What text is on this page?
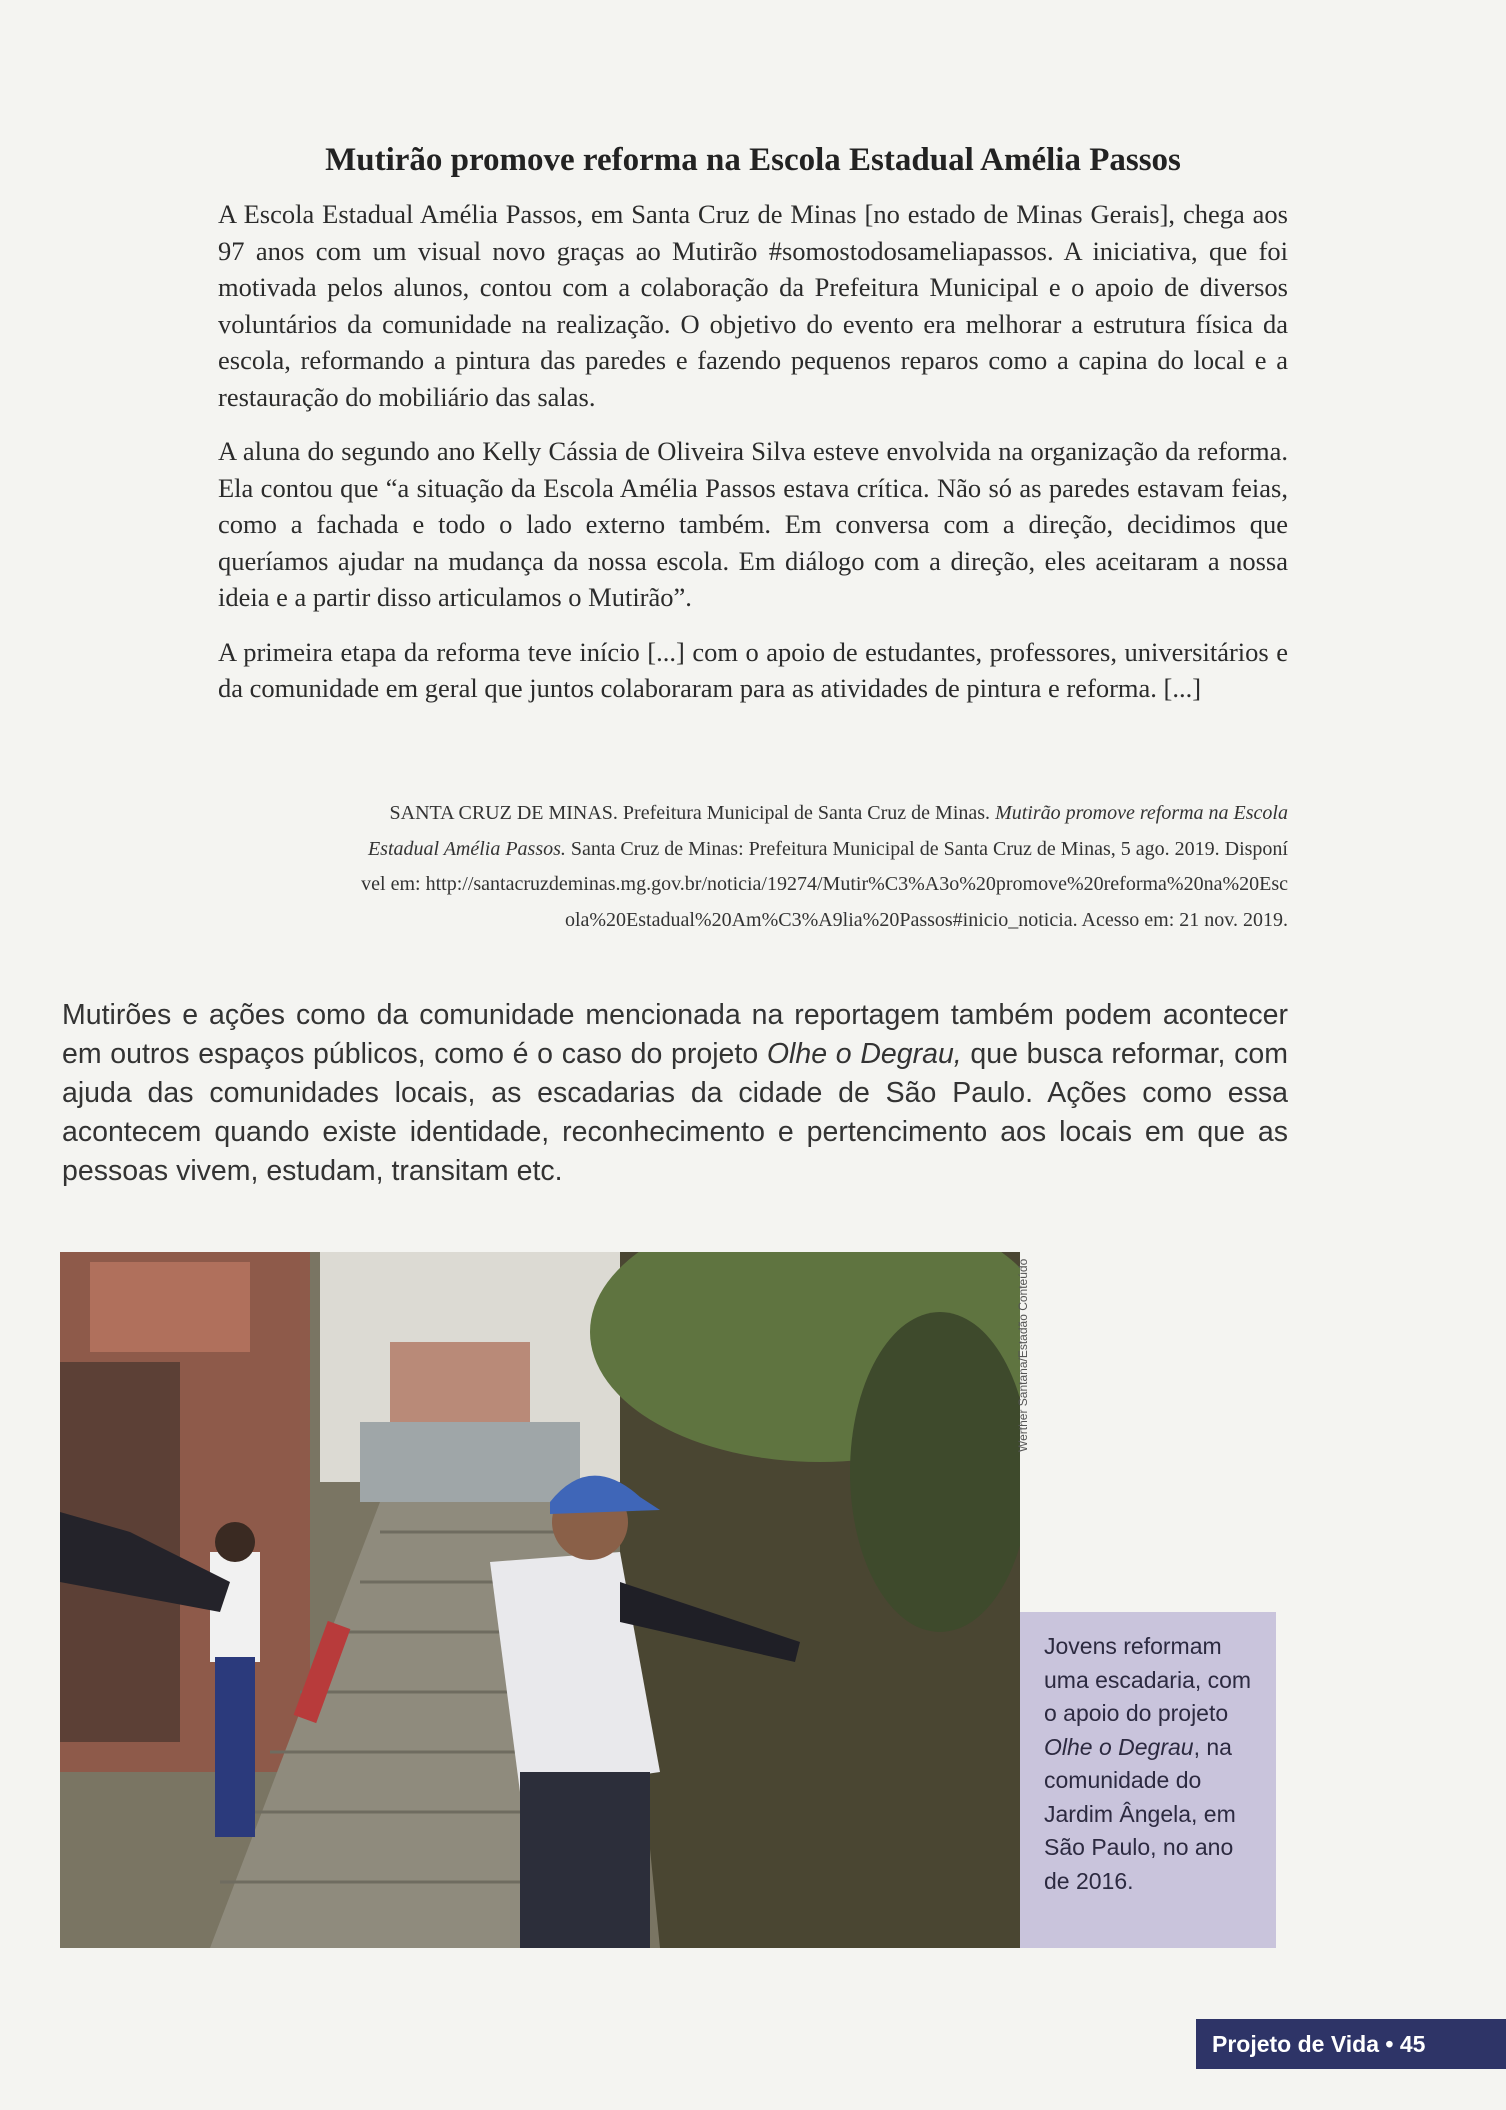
Mutirão promove reforma na Escola Estadual Amélia Passos

A Escola Estadual Amélia Passos, em Santa Cruz de Minas [no estado de Minas Gerais], chega aos 97 anos com um visual novo graças ao Mutirão #somostodosameliapassos. A iniciativa, que foi motivada pelos alunos, contou com a colaboração da Prefeitura Municipal e o apoio de diversos voluntários da comunidade na realização. O objetivo do evento era melhorar a estrutura física da escola, reformando a pintura das paredes e fazendo pequenos reparos como a capina do local e a restauração do mobiliário das salas.

A aluna do segundo ano Kelly Cássia de Oliveira Silva esteve envolvida na organização da reforma. Ela contou que “a situação da Escola Amélia Passos estava crítica. Não só as paredes estavam feias, como a fachada e todo o lado externo também. Em conversa com a direção, decidimos que queríamos ajudar na mudança da nossa escola. Em diálogo com a direção, eles aceitaram a nossa ideia e a partir disso articulamos o Mutirão”.

A primeira etapa da reforma teve início [...] com o apoio de estudantes, professores, universitários e da comunidade em geral que juntos colaboraram para as atividades de pintura e reforma. [...]

SANTA CRUZ DE MINAS. Prefeitura Municipal de Santa Cruz de Minas. Mutirão promove reforma na Escola Estadual Amélia Passos. Santa Cruz de Minas: Prefeitura Municipal de Santa Cruz de Minas, 5 ago. 2019. Disponível em: http://santacruzdeminas.mg.gov.br/noticia/19274/Mutir%C3%A3o%20promove%20reforma%20na%20Escola%20Estadual%20Am%C3%A9lia%20Passos#inicio_noticia. Acesso em: 21 nov. 2019.
Mutirões e ações como da comunidade mencionada na reportagem também podem acontecer em outros espaços públicos, como é o caso do projeto Olhe o Degrau, que busca reformar, com ajuda das comunidades locais, as escadarias da cidade de São Paulo. Ações como essa acontecem quando existe identidade, reconhecimento e pertencimento aos locais em que as pessoas vivem, estudam, transitam etc.
Werther Santana/Estadão Conteúdo
Jovens reformam uma escadaria, com o apoio do projeto Olhe o Degrau, na comunidade do Jardim Ângela, em São Paulo, no ano de 2016.
Projeto de Vida • 45
